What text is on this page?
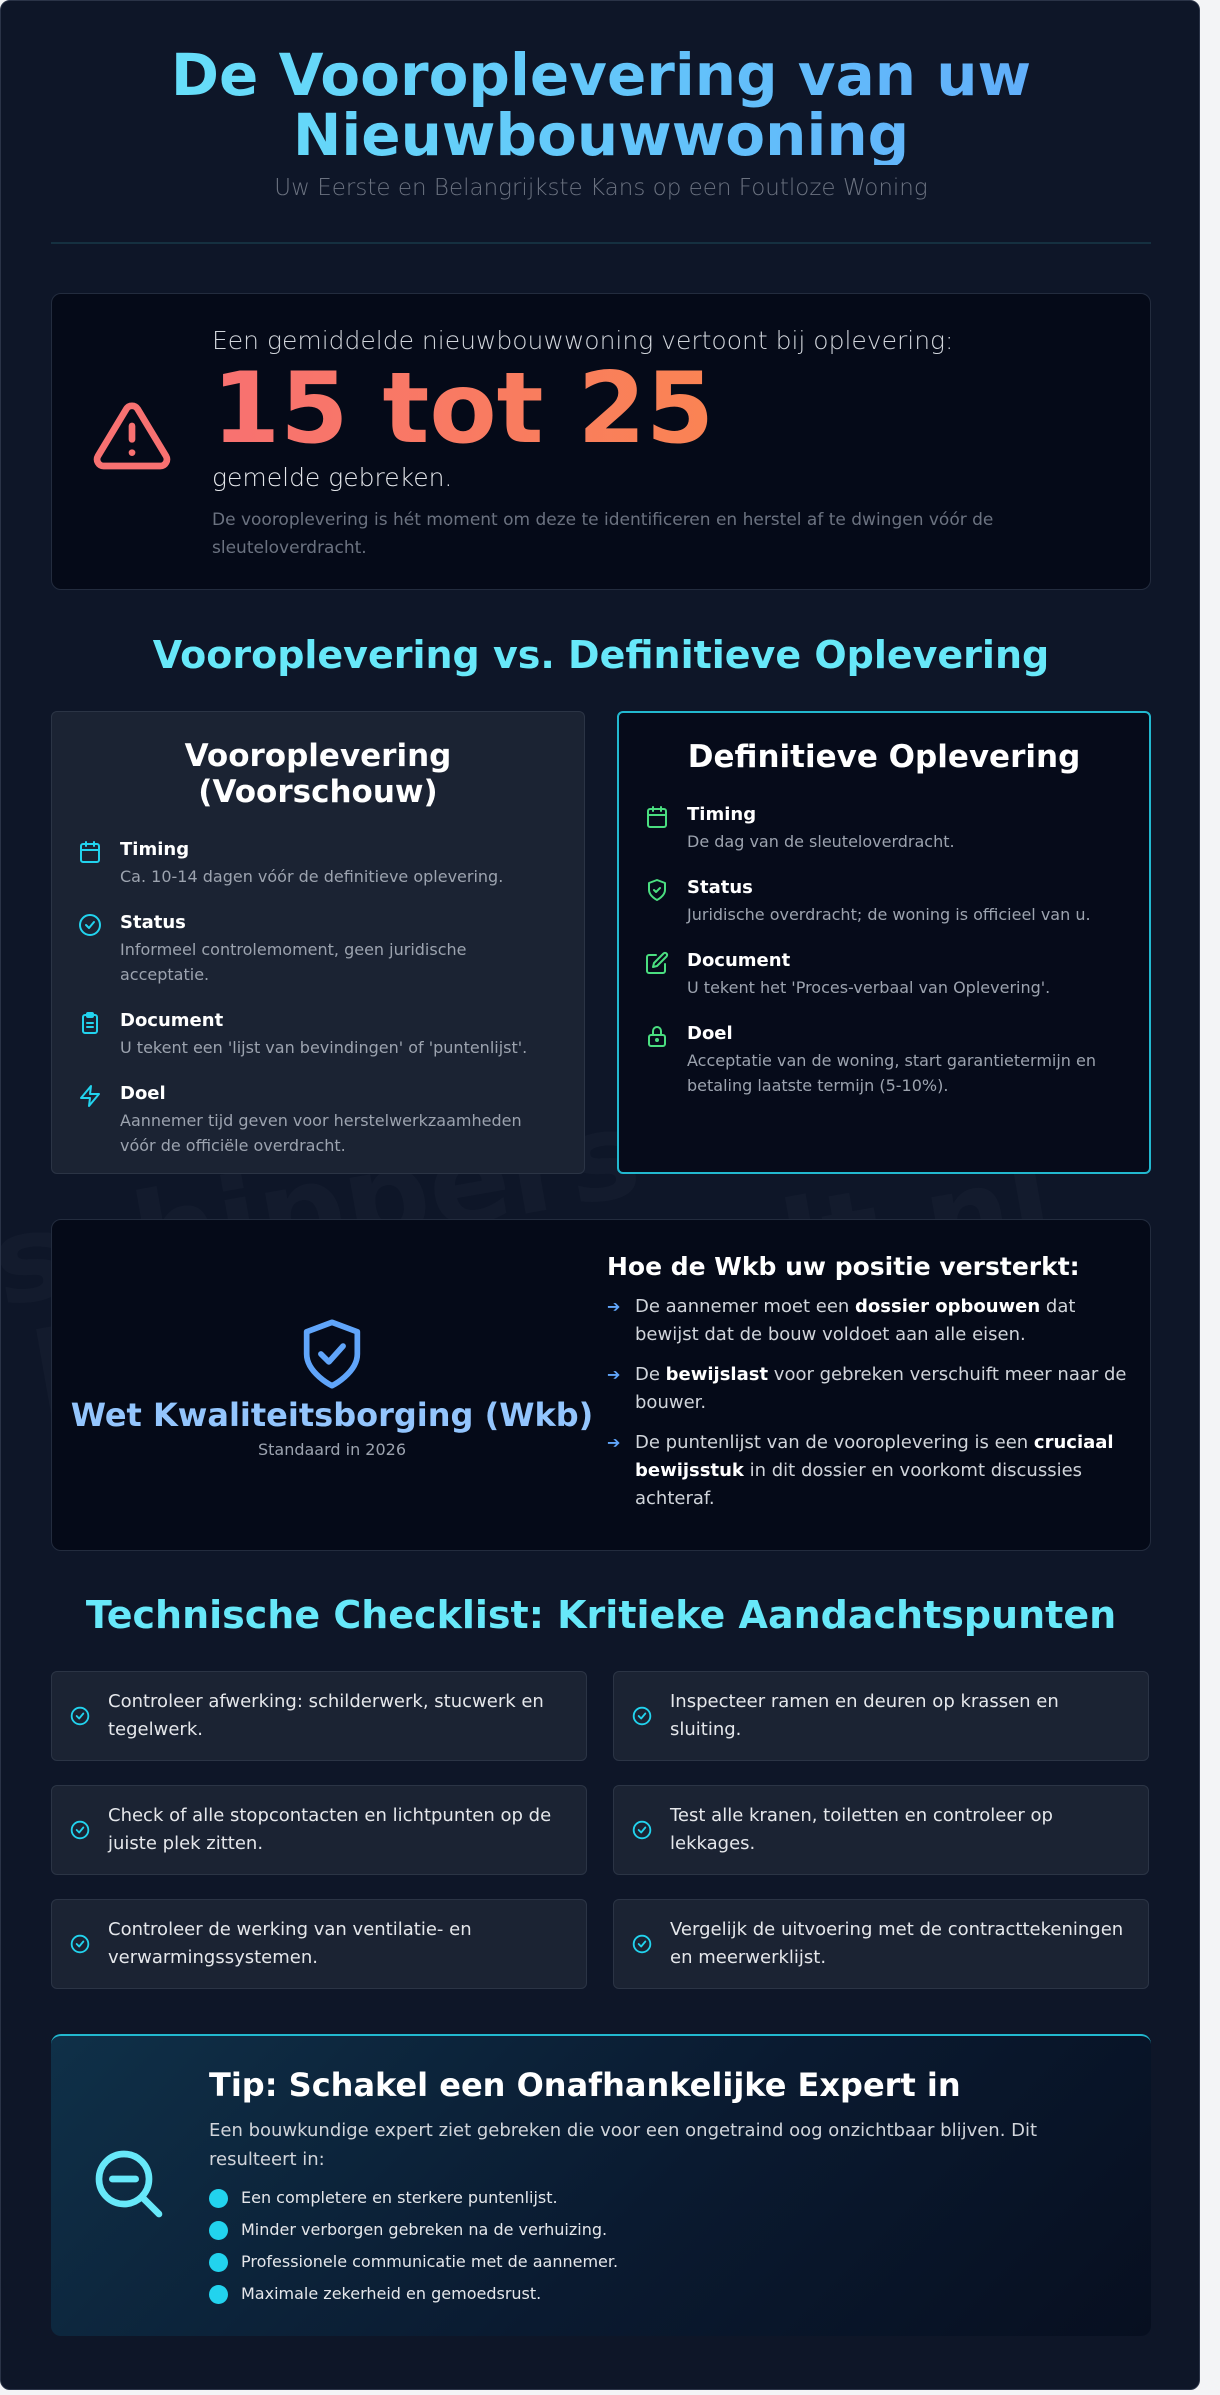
De Vooroplevering van uw
Nieuwbouwwoning
Uw Eerste en Belangrijkste Kans op een Foutloze Woning
Een gemiddelde nieuwbouwwoning vertoont bij oplevering:
15 tot 25
gemelde gebreken.
De vooroplevering is hét moment om deze te identificeren en herstel af te dwingen vóór de sleuteloverdracht.
Vooroplevering vs. Definitieve Oplevering
Vooroplevering
(Voorschouw)
Timing
Ca. 10-14 dagen vóór de definitieve oplevering.
Status
Informeel controlemoment, geen juridische acceptatie.
Document
U tekent een 'lijst van bevindingen' of 'puntenlijst'.
Doel
Aannemer tijd geven voor herstelwerkzaamheden vóór de officiële overdracht.
Definitieve Oplevering
Timing
De dag van de sleuteloverdracht.
Status
Juridische overdracht; de woning is officieel van u.
Document
U tekent het 'Proces-verbaal van Oplevering'.
Doel
Acceptatie van de woning, start garantietermijn en betaling laatste termijn (5-10%).
Wet Kwaliteitsborging (Wkb)
Standaard in 2026
Hoe de Wkb uw positie versterkt:
➔ De aannemer moet een dossier opbouwen dat bewijst dat de bouw voldoet aan alle eisen.
➔ De bewijslast voor gebreken verschuift meer naar de bouwer.
➔ De puntenlijst van de vooroplevering is een cruciaal bewijsstuk in dit dossier en voorkomt discussies achteraf.
Technische Checklist: Kritieke Aandachtspunten
Controleer afwerking: schilderwerk, stucwerk en tegelwerk.
Inspecteer ramen en deuren op krassen en sluiting.
Check of alle stopcontacten en lichtpunten op de juiste plek zitten.
Test alle kranen, toiletten en controleer op lekkages.
Controleer de werking van ventilatie- en verwarmingssystemen.
Vergelijk de uitvoering met de contracttekeningen en meerwerklijst.
Tip: Schakel een Onafhankelijke Expert in
Een bouwkundige expert ziet gebreken die voor een ongetraind oog onzichtbaar blijven. Dit resulteert in:
Een completere en sterkere puntenlijst.
Minder verborgen gebreken na de verhuizing.
Professionele communicatie met de aannemer.
Maximale zekerheid en gemoedsrust.
